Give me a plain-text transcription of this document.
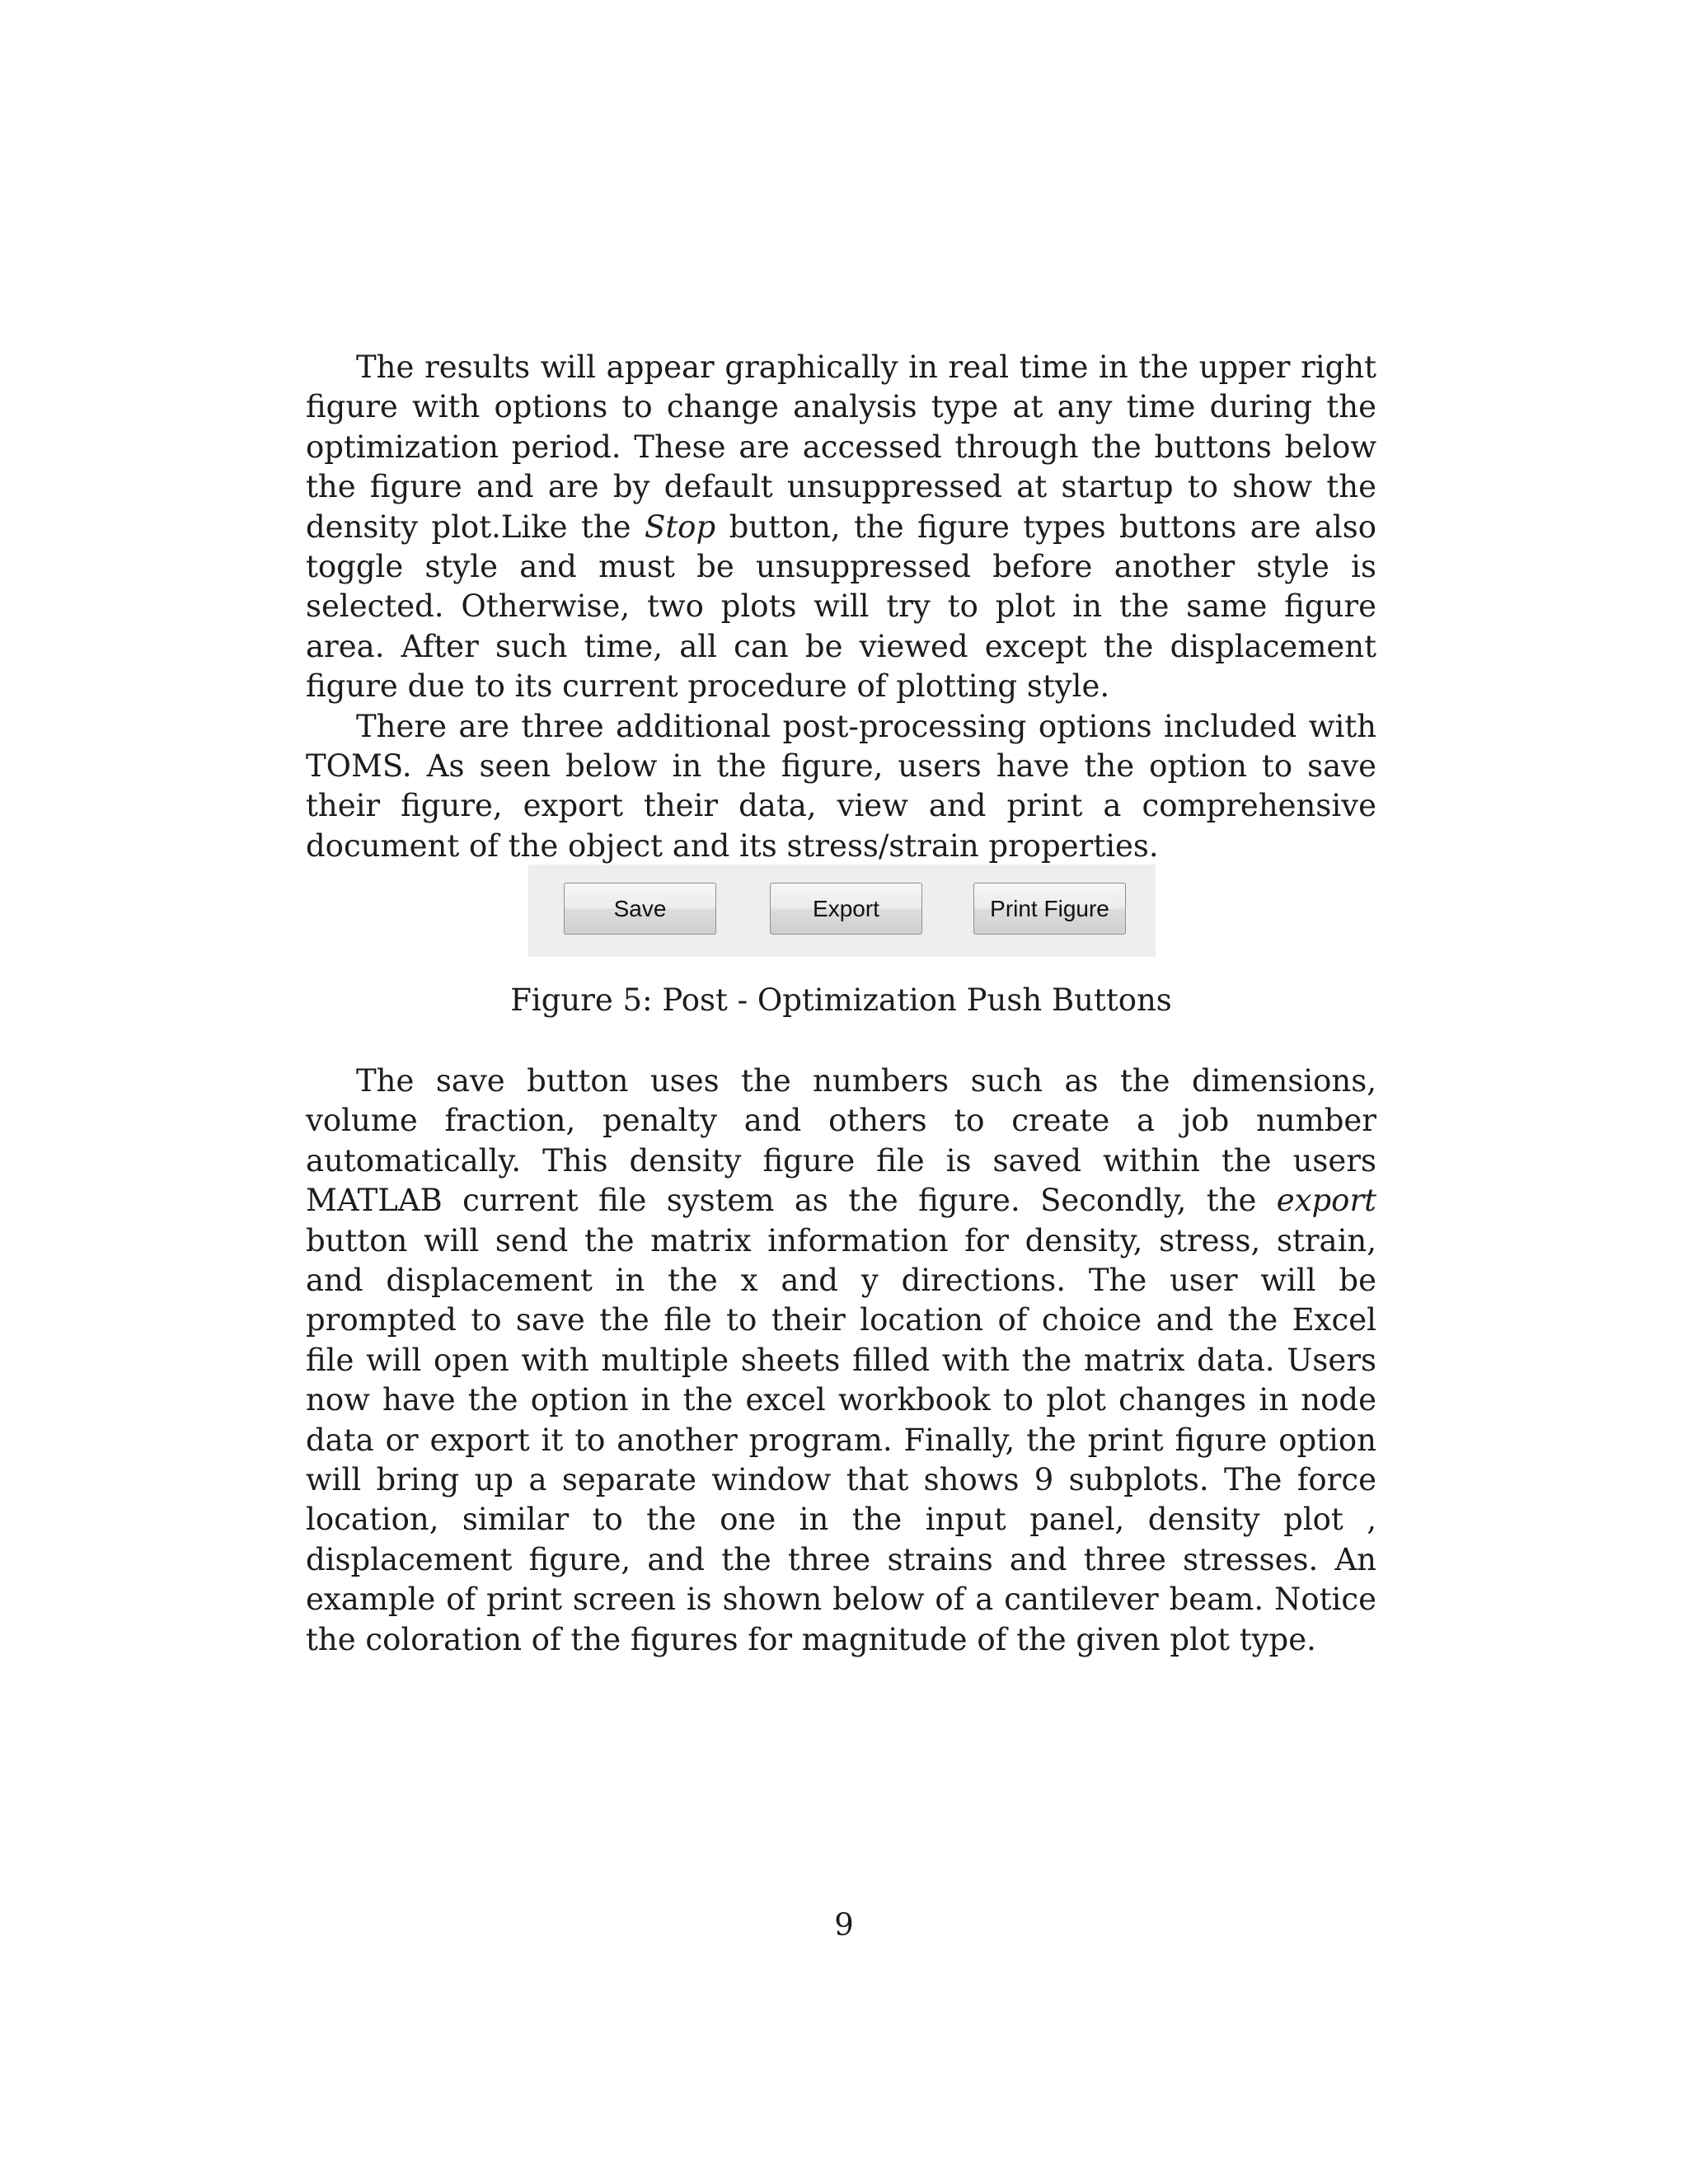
The results will appear graphically in real time in the upper right figure with options to change analysis type at any time during the optimization period. These are accessed through the buttons below the figure and are by default unsuppressed at startup to show the density plot.Like the Stop button, the figure types buttons are also toggle style and must be unsuppressed before another style is selected. Otherwise, two plots will try to plot in the same figure area. After such time, all can be viewed except the displacement figure due to its current procedure of plotting style.

There are three additional post-processing options included with TOMS. As seen below in the figure, users have the option to save their figure, export their data, view and print a comprehensive document of the object and its stress/strain properties.

Save	Export	Print Figure

Figure 5: Post - Optimization Push Buttons

The save button uses the numbers such as the dimensions, volume fraction, penalty and others to create a job number automatically. This density figure file is saved within the users MATLAB current file system as the figure. Secondly, the export button will send the matrix information for density, stress, strain, and displacement in the x and y directions. The user will be prompted to save the file to their location of choice and the Excel file will open with multiple sheets filled with the matrix data. Users now have the option in the excel workbook to plot changes in node data or export it to another program. Finally, the print figure option will bring up a separate window that shows 9 subplots. The force location, similar to the one in the input panel, density plot , displacement figure, and the three strains and three stresses. An example of print screen is shown below of a cantilever beam. Notice the coloration of the figures for magnitude of the given plot type.

9
